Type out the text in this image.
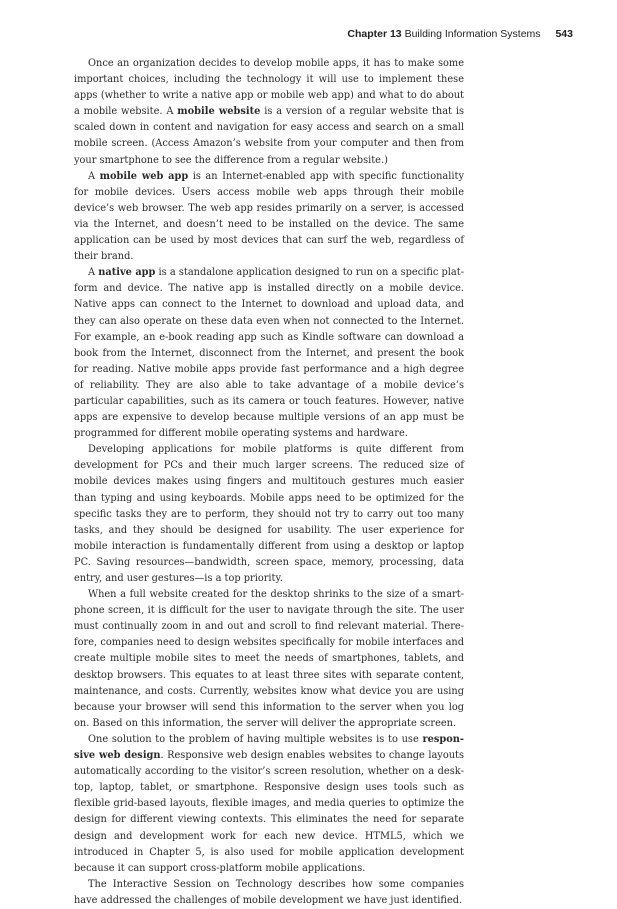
Chapter 13 Building Information Systems 543

Once an organization decides to develop mobile apps, it has to make some important choices, including the technology it will use to implement these apps (whether to write a native app or mobile web app) and what to do about a mobile website. A mobile website is a version of a regular website that is scaled down in content and navigation for easy access and search on a small mobile screen. (Access Amazon’s website from your computer and then from your smartphone to see the difference from a regular website.)

A mobile web app is an Internet-enabled app with specific functionality for mobile devices. Users access mobile web apps through their mobile device’s web browser. The web app resides primarily on a server, is accessed via the Internet, and doesn’t need to be installed on the device. The same application can be used by most devices that can surf the web, regardless of their brand.

A native app is a standalone application designed to run on a specific platform and device. The native app is installed directly on a mobile device. Native apps can connect to the Internet to download and upload data, and they can also operate on these data even when not connected to the Internet. For example, an e-book reading app such as Kindle software can download a book from the Internet, disconnect from the Internet, and present the book for reading. Native mobile apps provide fast performance and a high degree of reliability. They are also able to take advantage of a mobile device’s particular capabilities, such as its camera or touch features. However, native apps are expensive to develop because multiple versions of an app must be programmed for different mobile operating systems and hardware.

Developing applications for mobile platforms is quite different from development for PCs and their much larger screens. The reduced size of mobile devices makes using fingers and multitouch gestures much easier than typing and using keyboards. Mobile apps need to be optimized for the specific tasks they are to perform, they should not try to carry out too many tasks, and they should be designed for usability. The user experience for mobile interaction is fundamentally different from using a desktop or laptop PC. Saving resources—bandwidth, screen space, memory, processing, data entry, and user gestures—is a top priority.

When a full website created for the desktop shrinks to the size of a smartphone screen, it is difficult for the user to navigate through the site. The user must continually zoom in and out and scroll to find relevant material. Therefore, companies need to design websites specifically for mobile interfaces and create multiple mobile sites to meet the needs of smartphones, tablets, and desktop browsers. This equates to at least three sites with separate content, maintenance, and costs. Currently, websites know what device you are using because your browser will send this information to the server when you log on. Based on this information, the server will deliver the appropriate screen.

One solution to the problem of having multiple websites is to use responsive web design. Responsive web design enables websites to change layouts automatically according to the visitor’s screen resolution, whether on a desktop, laptop, tablet, or smartphone. Responsive design uses tools such as flexible grid-based layouts, flexible images, and media queries to optimize the design for different viewing contexts. This eliminates the need for separate design and development work for each new device. HTML5, which we introduced in Chapter 5, is also used for mobile application development because it can support cross-platform mobile applications.

The Interactive Session on Technology describes how some companies have addressed the challenges of mobile development we have just identified.
